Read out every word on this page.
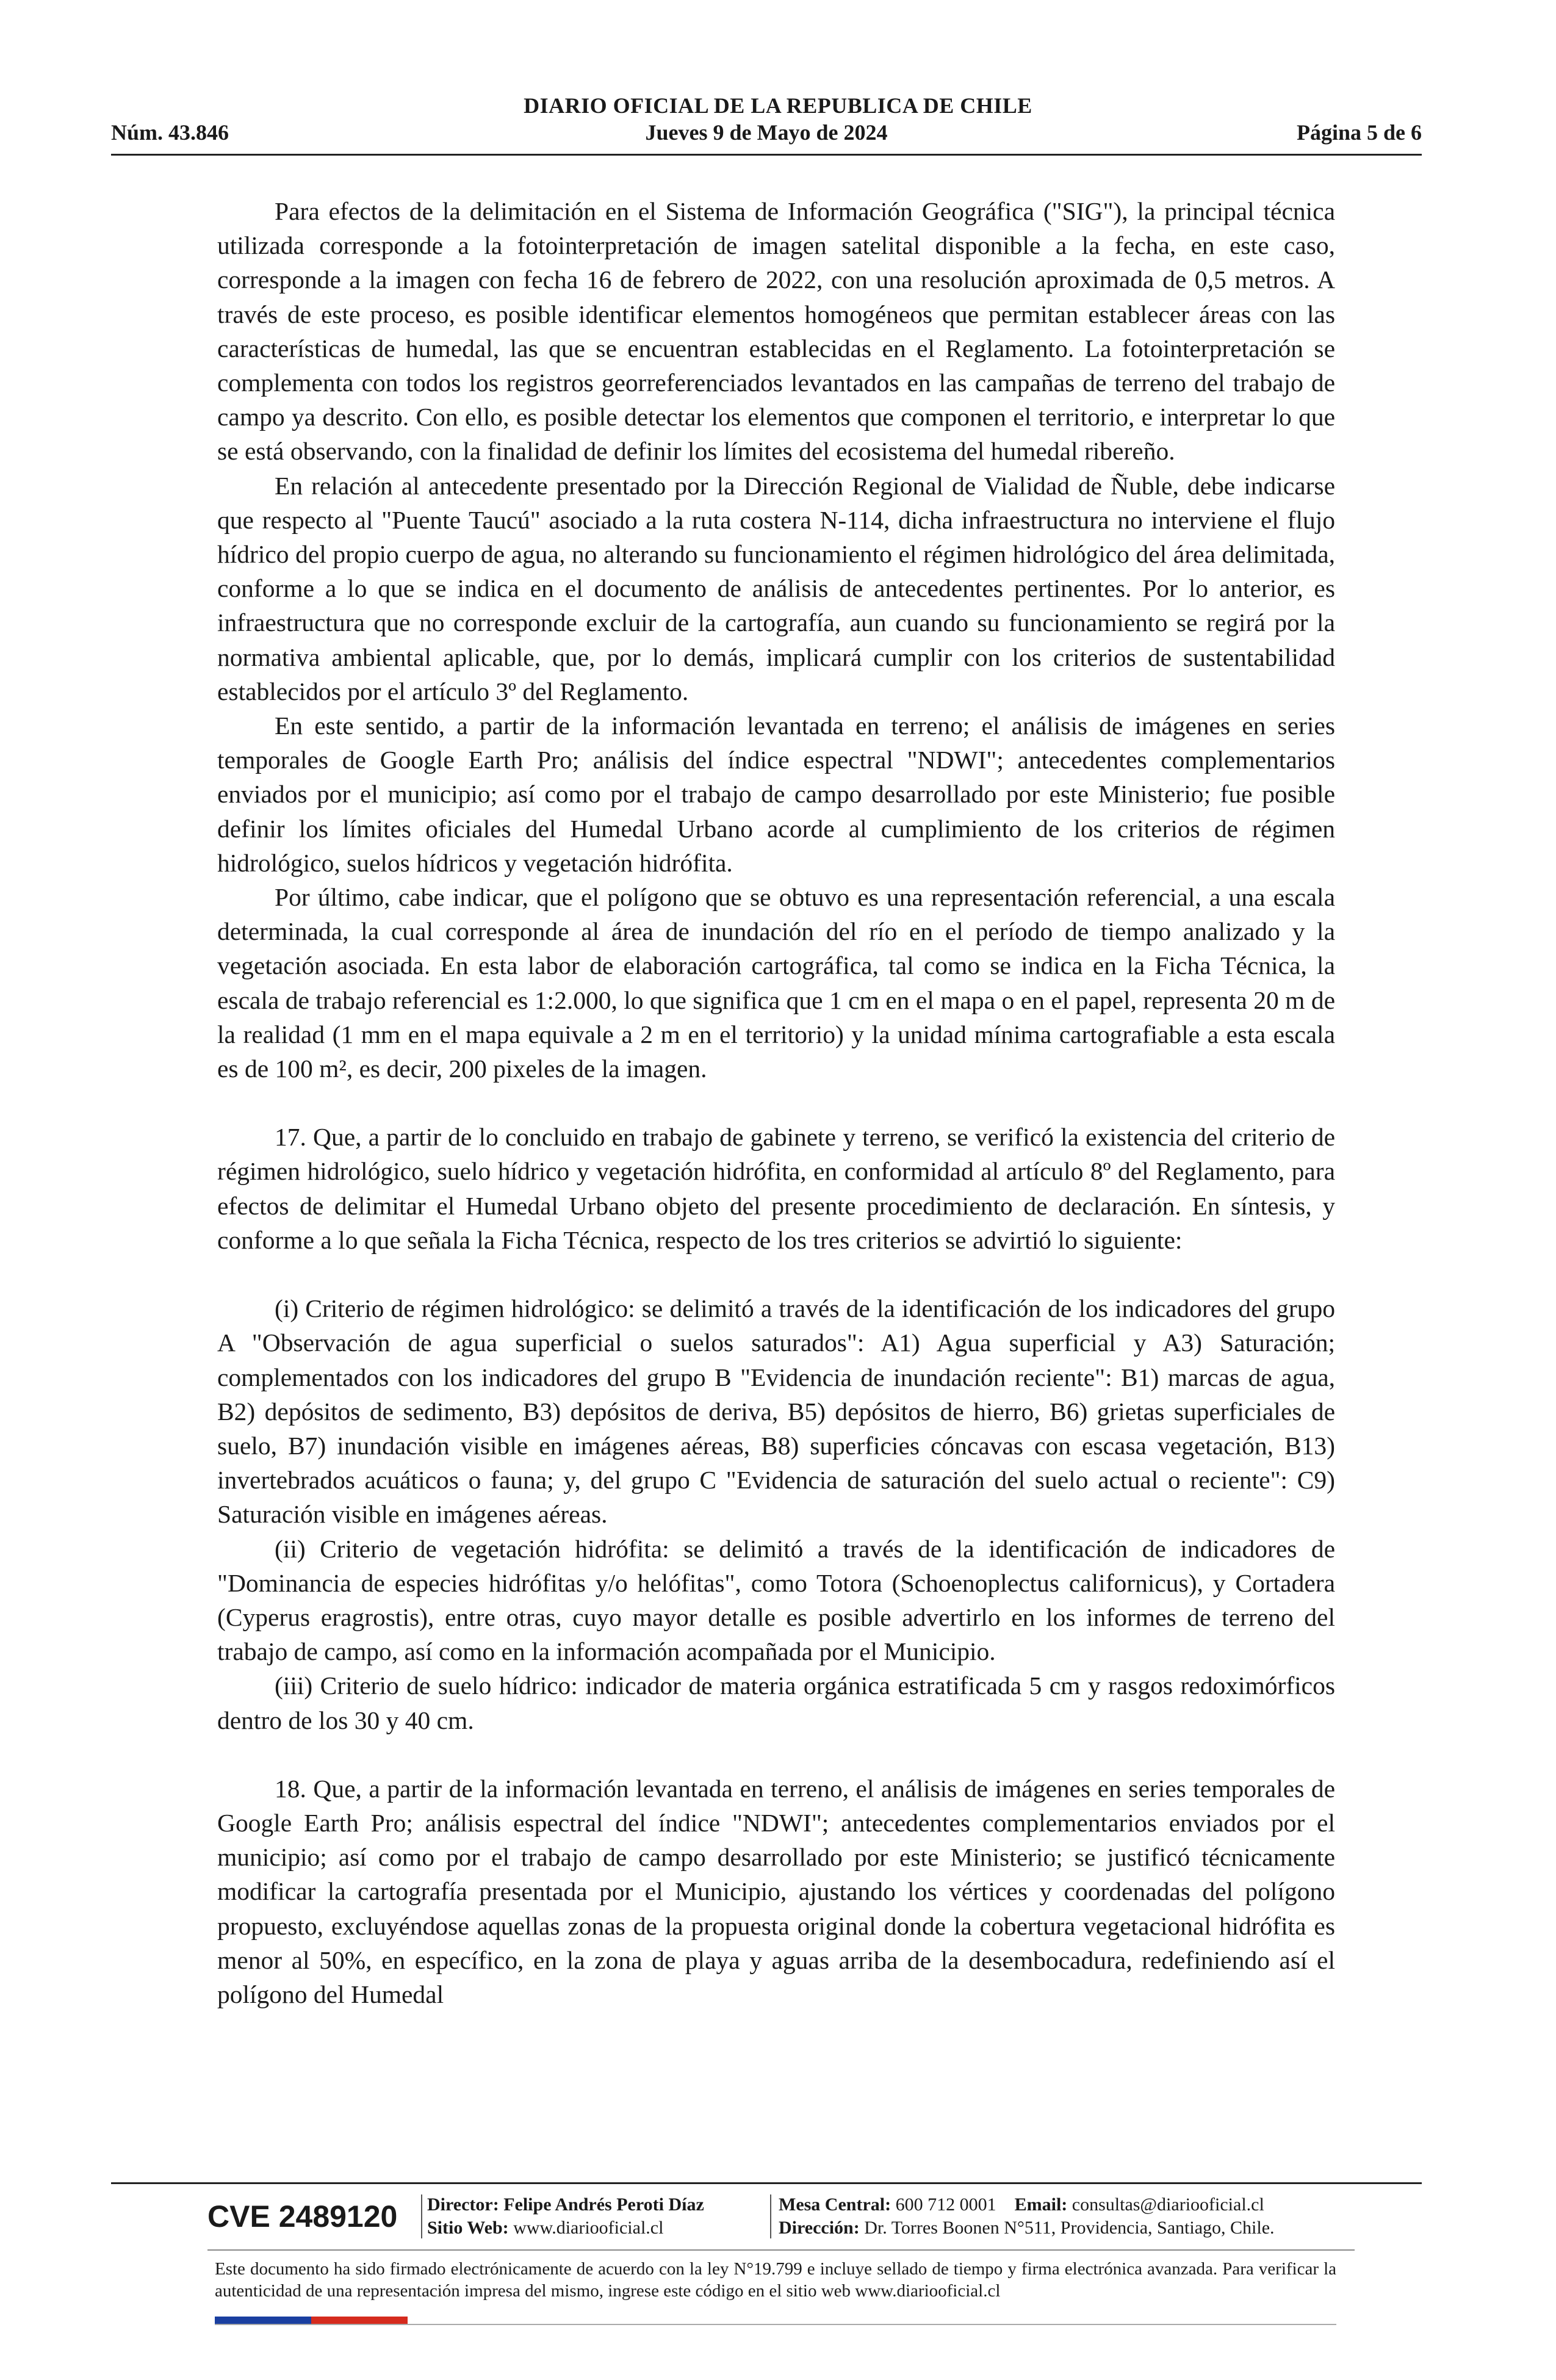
DIARIO OFICIAL DE LA REPUBLICA DE CHILE
Núm. 43.846	Jueves 9 de Mayo de 2024	Página 5 de 6

Para efectos de la delimitación en el Sistema de Información Geográfica ("SIG"), la principal técnica utilizada corresponde a la fotointerpretación de imagen satelital disponible a la fecha, en este caso, corresponde a la imagen con fecha 16 de febrero de 2022, con una resolución aproximada de 0,5 metros. A través de este proceso, es posible identificar elementos homogéneos que permitan establecer áreas con las características de humedal, las que se encuentran establecidas en el Reglamento. La fotointerpretación se complementa con todos los registros georreferenciados levantados en las campañas de terreno del trabajo de campo ya descrito. Con ello, es posible detectar los elementos que componen el territorio, e interpretar lo que se está observando, con la finalidad de definir los límites del ecosistema del humedal ribereño.

En relación al antecedente presentado por la Dirección Regional de Vialidad de Ñuble, debe indicarse que respecto al "Puente Taucú" asociado a la ruta costera N-114, dicha infraestructura no interviene el flujo hídrico del propio cuerpo de agua, no alterando su funcionamiento el régimen hidrológico del área delimitada, conforme a lo que se indica en el documento de análisis de antecedentes pertinentes. Por lo anterior, es infraestructura que no corresponde excluir de la cartografía, aun cuando su funcionamiento se regirá por la normativa ambiental aplicable, que, por lo demás, implicará cumplir con los criterios de sustentabilidad establecidos por el artículo 3º del Reglamento.

En este sentido, a partir de la información levantada en terreno; el análisis de imágenes en series temporales de Google Earth Pro; análisis del índice espectral "NDWI"; antecedentes complementarios enviados por el municipio; así como por el trabajo de campo desarrollado por este Ministerio; fue posible definir los límites oficiales del Humedal Urbano acorde al cumplimiento de los criterios de régimen hidrológico, suelos hídricos y vegetación hidrófita.

Por último, cabe indicar, que el polígono que se obtuvo es una representación referencial, a una escala determinada, la cual corresponde al área de inundación del río en el período de tiempo analizado y la vegetación asociada. En esta labor de elaboración cartográfica, tal como se indica en la Ficha Técnica, la escala de trabajo referencial es 1:2.000, lo que significa que 1 cm en el mapa o en el papel, representa 20 m de la realidad (1 mm en el mapa equivale a 2 m en el territorio) y la unidad mínima cartografiable a esta escala es de 100 m², es decir, 200 pixeles de la imagen.

17. Que, a partir de lo concluido en trabajo de gabinete y terreno, se verificó la existencia del criterio de régimen hidrológico, suelo hídrico y vegetación hidrófita, en conformidad al artículo 8º del Reglamento, para efectos de delimitar el Humedal Urbano objeto del presente procedimiento de declaración. En síntesis, y conforme a lo que señala la Ficha Técnica, respecto de los tres criterios se advirtió lo siguiente:

(i) Criterio de régimen hidrológico: se delimitó a través de la identificación de los indicadores del grupo A "Observación de agua superficial o suelos saturados": A1) Agua superficial y A3) Saturación; complementados con los indicadores del grupo B "Evidencia de inundación reciente": B1) marcas de agua, B2) depósitos de sedimento, B3) depósitos de deriva, B5) depósitos de hierro, B6) grietas superficiales de suelo, B7) inundación visible en imágenes aéreas, B8) superficies cóncavas con escasa vegetación, B13) invertebrados acuáticos o fauna; y, del grupo C "Evidencia de saturación del suelo actual o reciente": C9) Saturación visible en imágenes aéreas.

(ii) Criterio de vegetación hidrófita: se delimitó a través de la identificación de indicadores de "Dominancia de especies hidrófitas y/o helófitas", como Totora (Schoenoplectus californicus), y Cortadera (Cyperus eragrostis), entre otras, cuyo mayor detalle es posible advertirlo en los informes de terreno del trabajo de campo, así como en la información acompañada por el Municipio.

(iii) Criterio de suelo hídrico: indicador de materia orgánica estratificada 5 cm y rasgos redoximórficos dentro de los 30 y 40 cm.

18. Que, a partir de la información levantada en terreno, el análisis de imágenes en series temporales de Google Earth Pro; análisis espectral del índice "NDWI"; antecedentes complementarios enviados por el municipio; así como por el trabajo de campo desarrollado por este Ministerio; se justificó técnicamente modificar la cartografía presentada por el Municipio, ajustando los vértices y coordenadas del polígono propuesto, excluyéndose aquellas zonas de la propuesta original donde la cobertura vegetacional hidrófita es menor al 50%, en específico, en la zona de playa y aguas arriba de la desembocadura, redefiniendo así el polígono del Humedal

CVE 2489120 Director: Felipe Andrés Peroti Díaz
Sitio Web: www.diariooficial.cl
Mesa Central: 600 712 0001 Email: consultas@diariooficial.cl
Dirección: Dr. Torres Boonen N°511, Providencia, Santiago, Chile.
Este documento ha sido firmado electrónicamente de acuerdo con la ley N°19.799 e incluye sellado de tiempo y firma electrónica avanzada. Para verificar la autenticidad de una representación impresa del mismo, ingrese este código en el sitio web www.diariooficial.cl
